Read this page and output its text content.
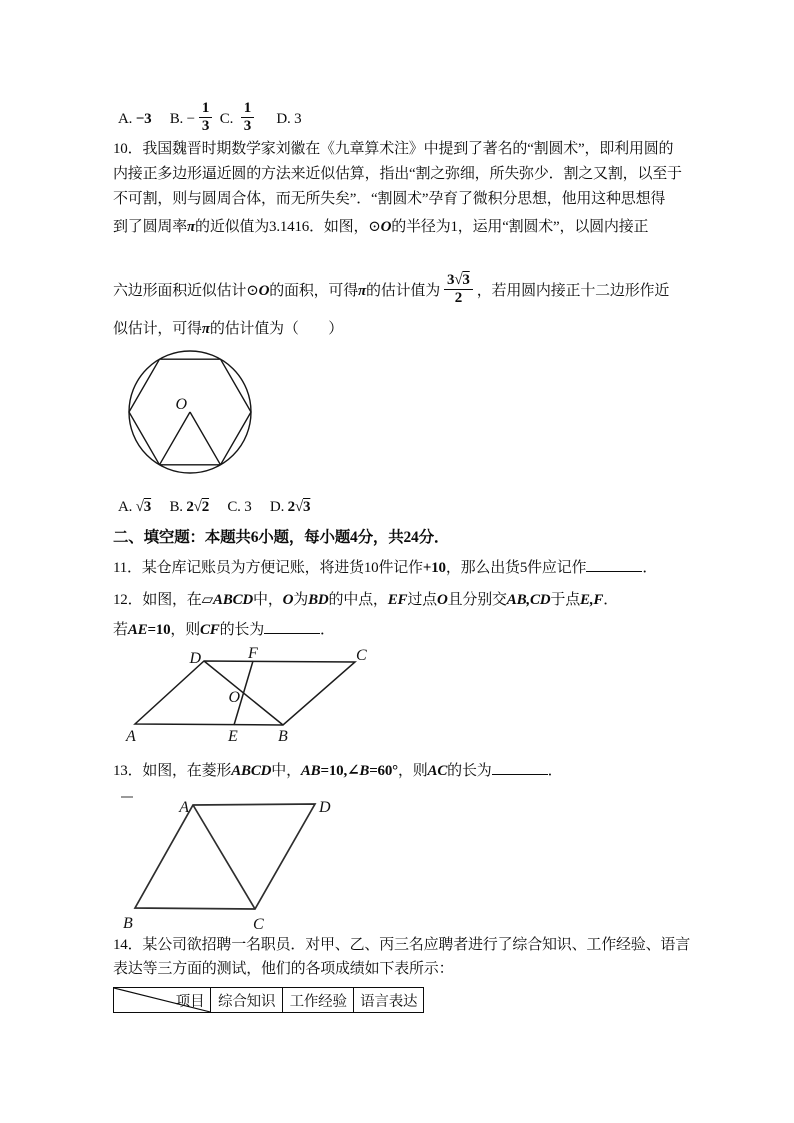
A. −3　 B. − $\frac{1}{3} C$. $\frac{1}{3}$ 　 D. 3
10．我国魏晋时期数学家刘徽在《九章算术注》中提到了著名的“割圆术”，即利用圆的
内接正多边形逼近圆的方法来近似估算，指出“割之弥细，所失弥少．割之又割，以至于
不可割，则与圆周合体，而无所失矣”．“割圆术”孕育了微积分思想，他用这种思想得
到了圆周率π的近似值为3.1416．如图，⊙O的半径为1，运用“割圆术”，以圆内接正
六边形面积近似估计⊙O的面积，可得π的估计值为 $\frac{3√3}{2}$ ，若用圆内接正十二边形作近
似估计，可得π的估计值为（　　）
O
A. √3　 B. 2√2　 C. 3　 D. 2√3
二、填空题：本题共6小题，每小题4分，共24分．
11．某仓库记账员为方便记账，将进货10件记作+10，那么出货5件应记作	．
12．如图，在▱ABCD中，O为BD的中点，EF过点O且分别交AB,CD于点E,F．
若AE=10，则CF的长为	．
A	E	B
D	F	C
O
13．如图，在菱形ABCD中，AB=10,∠B=60°，则AC的长为	．
A	D
B	C
14．某公司欲招聘一名职员．对甲、乙、丙三名应聘者进行了综合知识、工作经验、语言
表达等三方面的测试，他们的各项成绩如下表所示：
项目 综合知识 工作经验 语言表达
